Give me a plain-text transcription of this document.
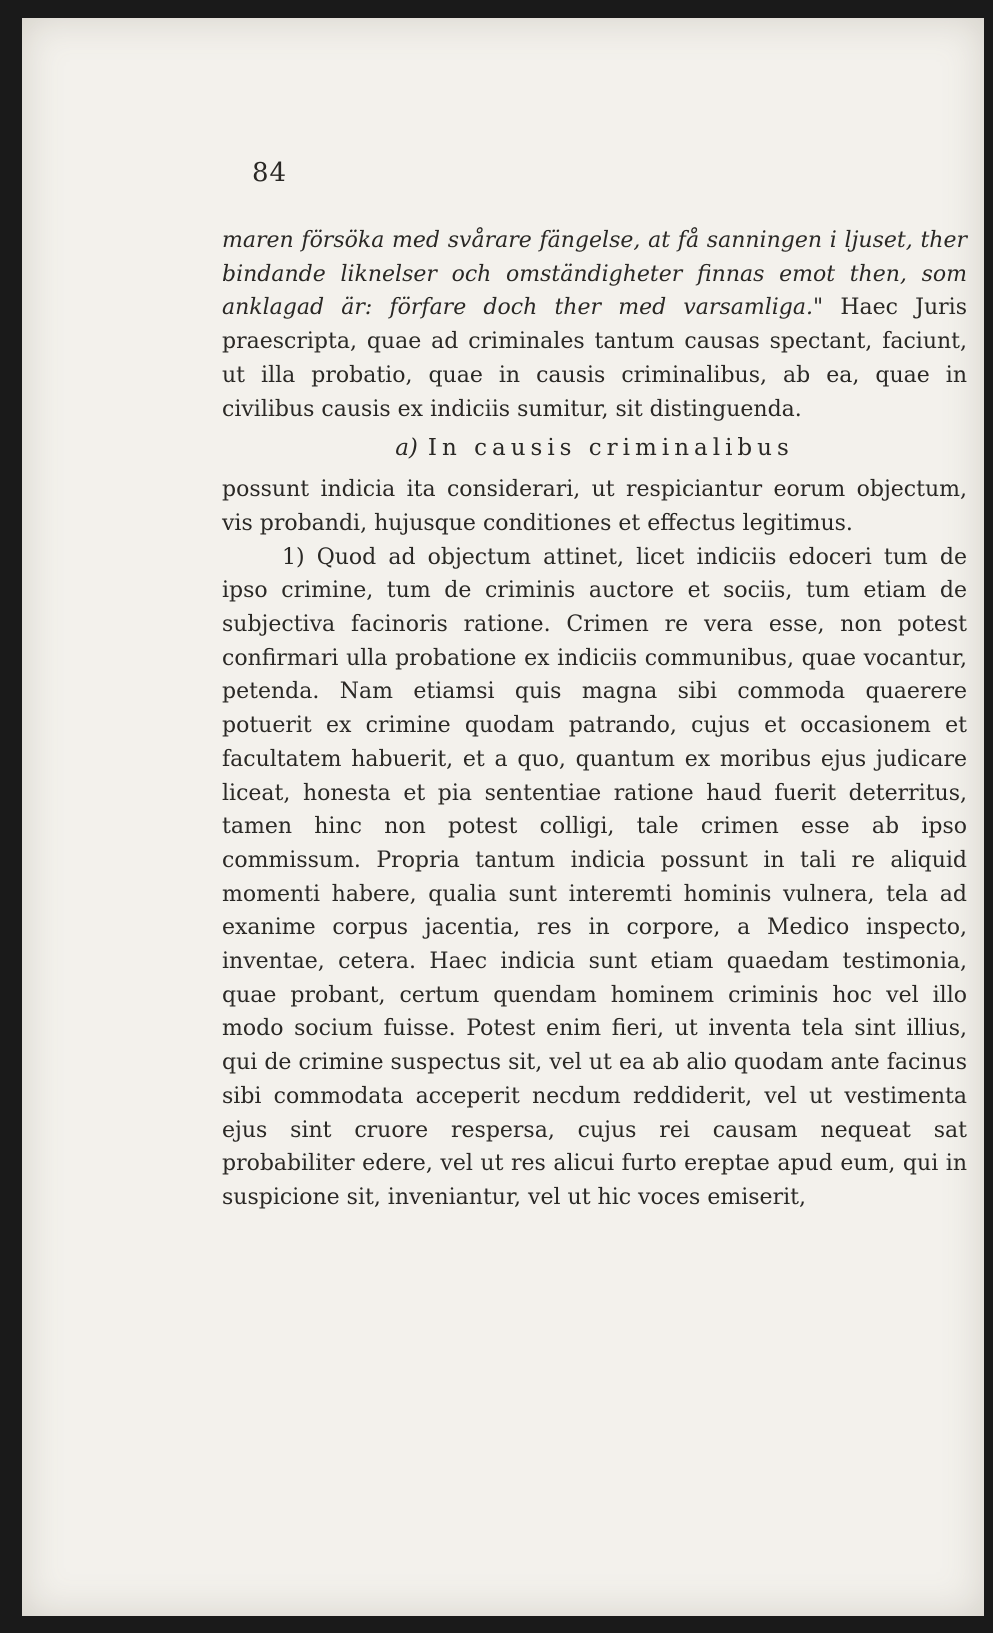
84

maren försöka med svårare fängelse, at få sanningen i ljuset, ther bindande liknelser och omständigheter finnas emot then, som anklagad är: förfare doch ther med varsamliga." Haec Juris praescripta, quae ad criminales tantum causas spectant, faciunt, ut illa probatio, quae in causis criminalibus, ab ea, quae in civilibus causis ex indiciis sumitur, sit distinguenda.

a) In causis criminalibus

possunt indicia ita considerari, ut respiciantur eorum objectum, vis probandi, hujusque conditiones et effectus legitimus.

1) Quod ad objectum attinet, licet indiciis edoceri tum de ipso crimine, tum de criminis auctore et sociis, tum etiam de subjectiva facinoris ratione. Crimen re vera esse, non potest confirmari ulla probatione ex indiciis communibus, quae vocantur, petenda. Nam etiamsi quis magna sibi commoda quaerere potuerit ex crimine quodam patrando, cujus et occasionem et facultatem habuerit, et a quo, quantum ex moribus ejus judicare liceat, honesta et pia sententiae ratione haud fuerit deterritus, tamen hinc non potest colligi, tale crimen esse ab ipso commissum. Propria tantum indicia possunt in tali re aliquid momenti habere, qualia sunt interemti hominis vulnera, tela ad exanime corpus jacentia, res in corpore, a Medico inspecto, inventae, cetera. Haec indicia sunt etiam quaedam testimonia, quae probant, certum quendam hominem criminis hoc vel illo modo socium fuisse. Potest enim fieri, ut inventa tela sint illius, qui de crimine suspectus sit, vel ut ea ab alio quodam ante facinus sibi commodata acceperit necdum reddiderit, vel ut vestimenta ejus sint cruore respersa, cujus rei causam nequeat sat probabiliter edere, vel ut res alicui furto ereptae apud eum, qui in suspicione sit, inveniantur, vel ut hic voces emiserit,
